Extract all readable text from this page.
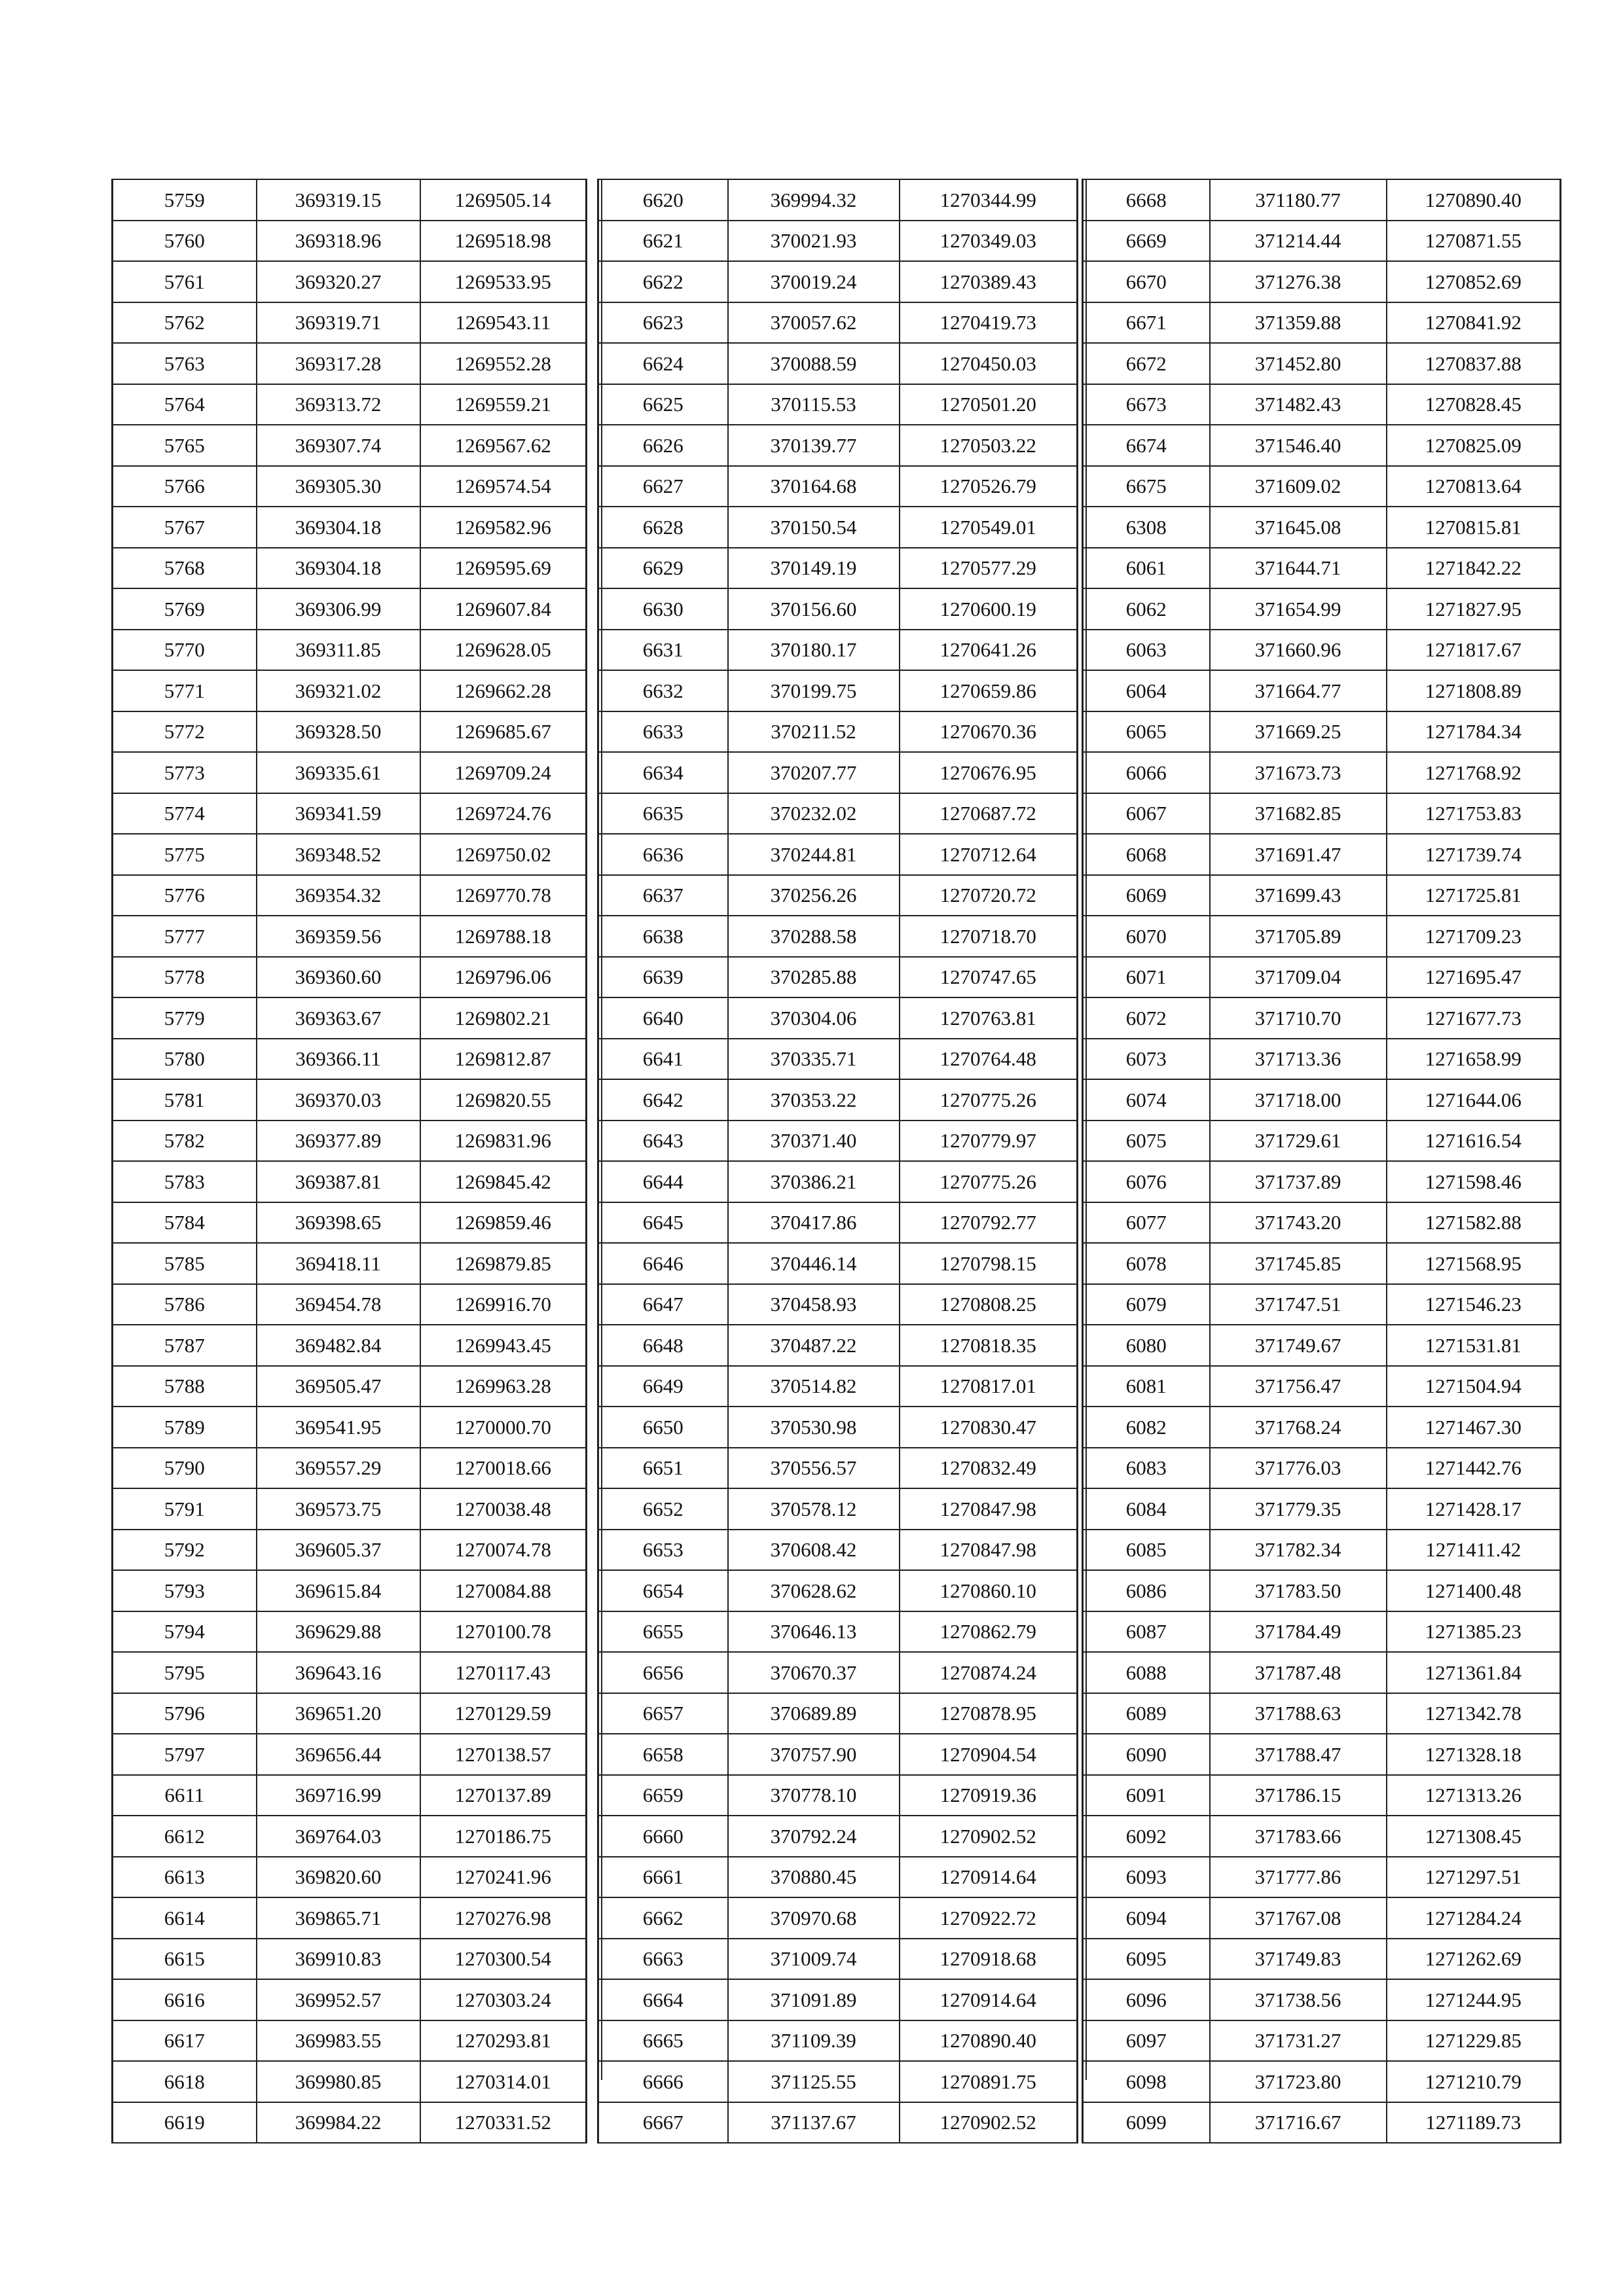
5759	369319.15	1269505.14
5760	369318.96	1269518.98
5761	369320.27	1269533.95
5762	369319.71	1269543.11
5763	369317.28	1269552.28
5764	369313.72	1269559.21
5765	369307.74	1269567.62
5766	369305.30	1269574.54
5767	369304.18	1269582.96
5768	369304.18	1269595.69
5769	369306.99	1269607.84
5770	369311.85	1269628.05
5771	369321.02	1269662.28
5772	369328.50	1269685.67
5773	369335.61	1269709.24
5774	369341.59	1269724.76
5775	369348.52	1269750.02
5776	369354.32	1269770.78
5777	369359.56	1269788.18
5778	369360.60	1269796.06
5779	369363.67	1269802.21
5780	369366.11	1269812.87
5781	369370.03	1269820.55
5782	369377.89	1269831.96
5783	369387.81	1269845.42
5784	369398.65	1269859.46
5785	369418.11	1269879.85
5786	369454.78	1269916.70
5787	369482.84	1269943.45
5788	369505.47	1269963.28
5789	369541.95	1270000.70
5790	369557.29	1270018.66
5791	369573.75	1270038.48
5792	369605.37	1270074.78
5793	369615.84	1270084.88
5794	369629.88	1270100.78
5795	369643.16	1270117.43
5796	369651.20	1270129.59
5797	369656.44	1270138.57
6611	369716.99	1270137.89
6612	369764.03	1270186.75
6613	369820.60	1270241.96
6614	369865.71	1270276.98
6615	369910.83	1270300.54
6616	369952.57	1270303.24
6617	369983.55	1270293.81
6618	369980.85	1270314.01
6619	369984.22	1270331.52
6620	369994.32	1270344.99
6621	370021.93	1270349.03
6622	370019.24	1270389.43
6623	370057.62	1270419.73
6624	370088.59	1270450.03
6625	370115.53	1270501.20
6626	370139.77	1270503.22
6627	370164.68	1270526.79
6628	370150.54	1270549.01
6629	370149.19	1270577.29
6630	370156.60	1270600.19
6631	370180.17	1270641.26
6632	370199.75	1270659.86
6633	370211.52	1270670.36
6634	370207.77	1270676.95
6635	370232.02	1270687.72
6636	370244.81	1270712.64
6637	370256.26	1270720.72
6638	370288.58	1270718.70
6639	370285.88	1270747.65
6640	370304.06	1270763.81
6641	370335.71	1270764.48
6642	370353.22	1270775.26
6643	370371.40	1270779.97
6644	370386.21	1270775.26
6645	370417.86	1270792.77
6646	370446.14	1270798.15
6647	370458.93	1270808.25
6648	370487.22	1270818.35
6649	370514.82	1270817.01
6650	370530.98	1270830.47
6651	370556.57	1270832.49
6652	370578.12	1270847.98
6653	370608.42	1270847.98
6654	370628.62	1270860.10
6655	370646.13	1270862.79
6656	370670.37	1270874.24
6657	370689.89	1270878.95
6658	370757.90	1270904.54
6659	370778.10	1270919.36
6660	370792.24	1270902.52
6661	370880.45	1270914.64
6662	370970.68	1270922.72
6663	371009.74	1270918.68
6664	371091.89	1270914.64
6665	371109.39	1270890.40
6666	371125.55	1270891.75
6667	371137.67	1270902.52
6668	371180.77	1270890.40
6669	371214.44	1270871.55
6670	371276.38	1270852.69
6671	371359.88	1270841.92
6672	371452.80	1270837.88
6673	371482.43	1270828.45
6674	371546.40	1270825.09
6675	371609.02	1270813.64
6308	371645.08	1270815.81
6061	371644.71	1271842.22
6062	371654.99	1271827.95
6063	371660.96	1271817.67
6064	371664.77	1271808.89
6065	371669.25	1271784.34
6066	371673.73	1271768.92
6067	371682.85	1271753.83
6068	371691.47	1271739.74
6069	371699.43	1271725.81
6070	371705.89	1271709.23
6071	371709.04	1271695.47
6072	371710.70	1271677.73
6073	371713.36	1271658.99
6074	371718.00	1271644.06
6075	371729.61	1271616.54
6076	371737.89	1271598.46
6077	371743.20	1271582.88
6078	371745.85	1271568.95
6079	371747.51	1271546.23
6080	371749.67	1271531.81
6081	371756.47	1271504.94
6082	371768.24	1271467.30
6083	371776.03	1271442.76
6084	371779.35	1271428.17
6085	371782.34	1271411.42
6086	371783.50	1271400.48
6087	371784.49	1271385.23
6088	371787.48	1271361.84
6089	371788.63	1271342.78
6090	371788.47	1271328.18
6091	371786.15	1271313.26
6092	371783.66	1271308.45
6093	371777.86	1271297.51
6094	371767.08	1271284.24
6095	371749.83	1271262.69
6096	371738.56	1271244.95
6097	371731.27	1271229.85
6098	371723.80	1271210.79
6099	371716.67	1271189.73
